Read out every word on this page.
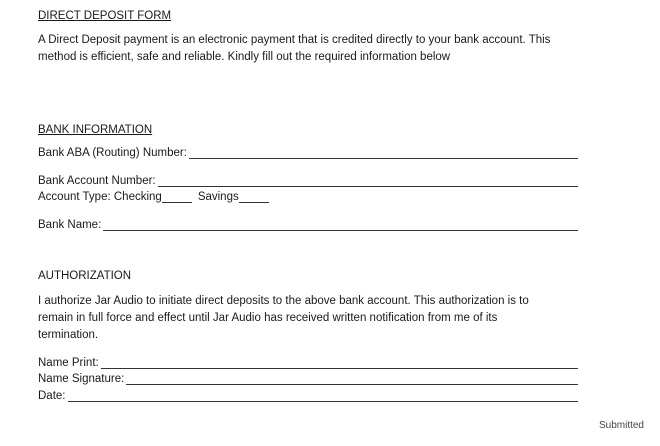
DIRECT DEPOSIT FORM
A Direct Deposit payment is an electronic payment that is credited directly to your bank account. This method is efficient, safe and reliable. Kindly fill out the required information below
BANK INFORMATION
Bank ABA (Routing) Number:
Bank Account Number:
Account Type: Checking	Savings
Bank Name:
AUTHORIZATION
I authorize Jar Audio to initiate direct deposits to the above bank account. This authorization is to remain in full force and effect until Jar Audio has received written notification from me of its termination.
Name Print:
Name Signature:
Date:
Submitted
